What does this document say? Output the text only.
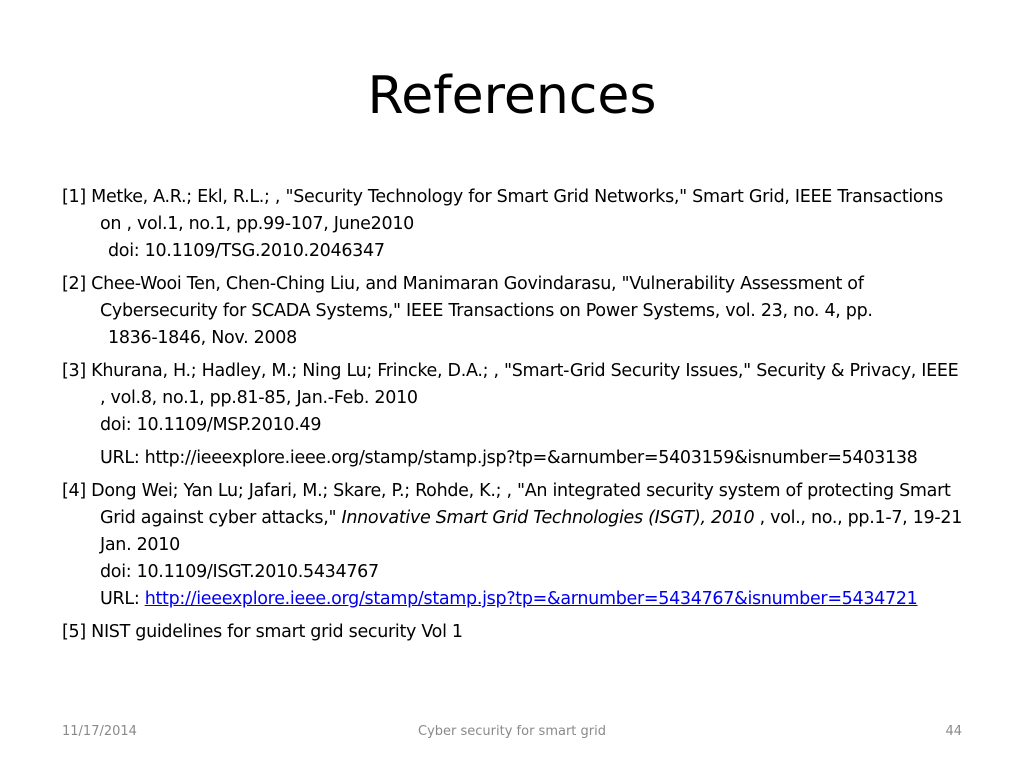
References
[1] Metke, A.R.; Ekl, R.L.; , "Security Technology for Smart Grid Networks," Smart Grid, IEEE Transactions on , vol.1, no.1, pp.99-107, June2010
doi: 10.1109/TSG.2010.2046347
[2] Chee-Wooi Ten, Chen-Ching Liu, and Manimaran Govindarasu, "Vulnerability Assessment of Cybersecurity for SCADA Systems," IEEE Transactions on Power Systems, vol. 23, no. 4, pp.
1836-1846, Nov. 2008
[3] Khurana, H.; Hadley, M.; Ning Lu; Frincke, D.A.; , "Smart-Grid Security Issues," Security & Privacy, IEEE , vol.8, no.1, pp.81-85, Jan.-Feb. 2010
doi: 10.1109/MSP.2010.49
URL: http://ieeexplore.ieee.org/stamp/stamp.jsp?tp=&arnumber=5403159&isnumber=5403138
[4] Dong Wei; Yan Lu; Jafari, M.; Skare, P.; Rohde, K.; , "An integrated security system of protecting Smart Grid against cyber attacks," Innovative Smart Grid Technologies (ISGT), 2010 , vol., no., pp.1-7, 19-21 Jan. 2010
doi: 10.1109/ISGT.2010.5434767
URL: http://ieeexplore.ieee.org/stamp/stamp.jsp?tp=&arnumber=5434767&isnumber=5434721
[5] NIST guidelines for smart grid security Vol 1
11/17/2014	Cyber security for smart grid	44
